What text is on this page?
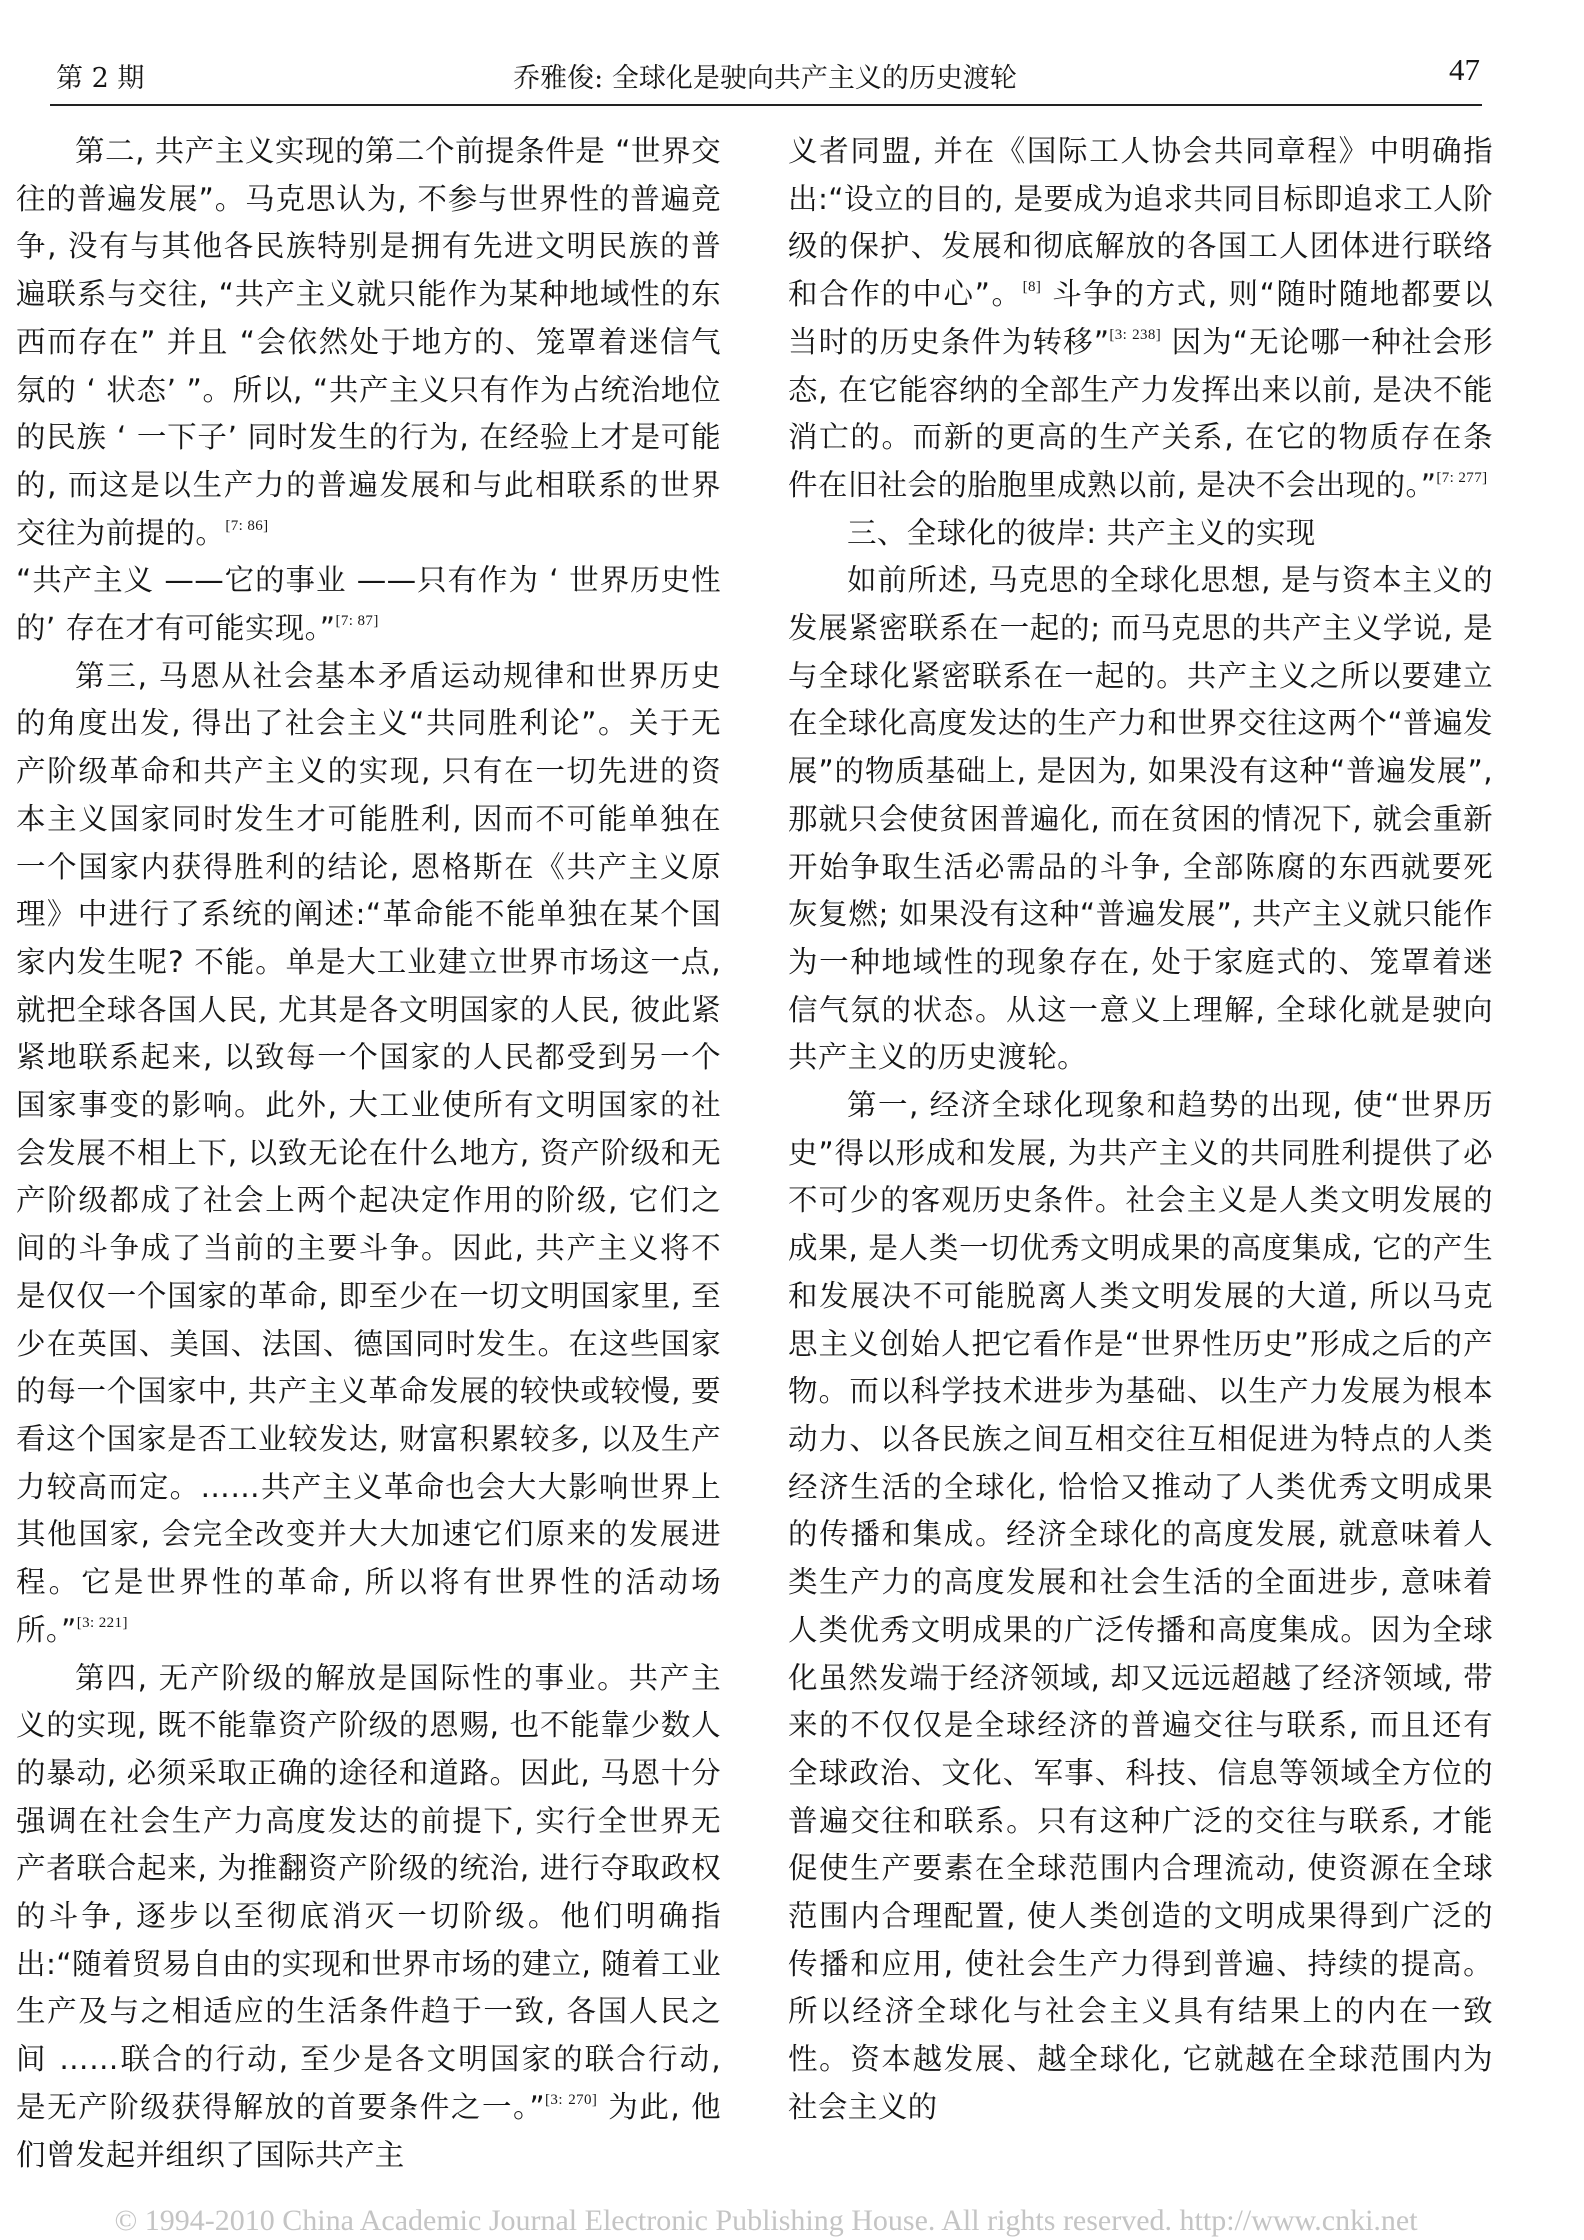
第 2 期	乔雅俊: 全球化是驶向共产主义的历史渡轮	47

第二, 共产主义实现的第二个前提条件是 “世界交往的普遍发展”。马克思认为, 不参与世界性的普遍竞争, 没有与其他各民族特别是拥有先进文明民族的普遍联系与交往, “共产主义就只能作为某种地域性的东西而存在” 并且 “会依然处于地方的、笼罩着迷信气氛的 ‘ 状态’ ”。所以, “共产主义只有作为占统治地位的民族 ‘ 一下子’ 同时发生的行为, 在经验上才是可能的, 而这是以生产力的普遍发展和与此相联系的世界交往为前提的。[7: 86]

“共产主义 ——它的事业 ——只有作为 ‘ 世界历史性的’ 存在才有可能实现。”[7: 87]

第三, 马恩从社会基本矛盾运动规律和世界历史的角度出发, 得出了社会主义“共同胜利论”。关于无产阶级革命和共产主义的实现, 只有在一切先进的资本主义国家同时发生才可能胜利, 因而不可能单独在一个国家内获得胜利的结论, 恩格斯在《共产主义原理》中进行了系统的阐述:“革命能不能单独在某个国家内发生呢? 不能。单是大工业建立世界市场这一点, 就把全球各国人民, 尤其是各文明国家的人民, 彼此紧紧地联系起来, 以致每一个国家的人民都受到另一个国家事变的影响。此外, 大工业使所有文明国家的社会发展不相上下, 以致无论在什么地方, 资产阶级和无产阶级都成了社会上两个起决定作用的阶级, 它们之间的斗争成了当前的主要斗争。因此, 共产主义将不是仅仅一个国家的革命, 即至少在一切文明国家里, 至少在英国、美国、法国、德国同时发生。在这些国家的每一个国家中, 共产主义革命发展的较快或较慢, 要看这个国家是否工业较发达, 财富积累较多, 以及生产力较高而定。……共产主义革命也会大大影响世界上其他国家, 会完全改变并大大加速它们原来的发展进程。它是世界性的革命, 所以将有世界性的活动场所。”[3: 221]

第四, 无产阶级的解放是国际性的事业。共产主义的实现, 既不能靠资产阶级的恩赐, 也不能靠少数人的暴动, 必须采取正确的途径和道路。因此, 马恩十分强调在社会生产力高度发达的前提下, 实行全世界无产者联合起来, 为推翻资产阶级的统治, 进行夺取政权的斗争, 逐步以至彻底消灭一切阶级。他们明确指出:“随着贸易自由的实现和世界市场的建立, 随着工业生产及与之相适应的生活条件趋于一致, 各国人民之间 ……联合的行动, 至少是各文明国家的联合行动, 是无产阶级获得解放的首要条件之一。”[3: 270] 为此, 他们曾发起并组织了国际共产主

义者同盟, 并在《国际工人协会共同章程》中明确指出:“设立的目的, 是要成为追求共同目标即追求工人阶级的保护、发展和彻底解放的各国工人团体进行联络和合作的中心”。[8] 斗争的方式, 则“随时随地都要以当时的历史条件为转移”[3: 238] 因为“无论哪一种社会形态, 在它能容纳的全部生产力发挥出来以前, 是决不能消亡的。而新的更高的生产关系, 在它的物质存在条件在旧社会的胎胞里成熟以前, 是决不会出现的。”[7: 277]

三、全球化的彼岸: 共产主义的实现

如前所述, 马克思的全球化思想, 是与资本主义的发展紧密联系在一起的; 而马克思的共产主义学说, 是与全球化紧密联系在一起的。共产主义之所以要建立在全球化高度发达的生产力和世界交往这两个“普遍发展”的物质基础上, 是因为, 如果没有这种“普遍发展”, 那就只会使贫困普遍化, 而在贫困的情况下, 就会重新开始争取生活必需品的斗争, 全部陈腐的东西就要死灰复燃; 如果没有这种“普遍发展”, 共产主义就只能作为一种地域性的现象存在, 处于家庭式的、笼罩着迷信气氛的状态。从这一意义上理解, 全球化就是驶向共产主义的历史渡轮。

第一, 经济全球化现象和趋势的出现, 使“世界历史”得以形成和发展, 为共产主义的共同胜利提供了必不可少的客观历史条件。社会主义是人类文明发展的成果, 是人类一切优秀文明成果的高度集成, 它的产生和发展决不可能脱离人类文明发展的大道, 所以马克思主义创始人把它看作是“世界性历史”形成之后的产物。而以科学技术进步为基础、以生产力发展为根本动力、以各民族之间互相交往互相促进为特点的人类经济生活的全球化, 恰恰又推动了人类优秀文明成果的传播和集成。经济全球化的高度发展, 就意味着人类生产力的高度发展和社会生活的全面进步, 意味着人类优秀文明成果的广泛传播和高度集成。因为全球化虽然发端于经济领域, 却又远远超越了经济领域, 带来的不仅仅是全球经济的普遍交往与联系, 而且还有全球政治、文化、军事、科技、信息等领域全方位的普遍交往和联系。只有这种广泛的交往与联系, 才能促使生产要素在全球范围内合理流动, 使资源在全球范围内合理配置, 使人类创造的文明成果得到广泛的传播和应用, 使社会生产力得到普遍、持续的提高。所以经济全球化与社会主义具有结果上的内在一致性。资本越发展、越全球化, 它就越在全球范围内为社会主义的

© 1994-2010 China Academic Journal Electronic Publishing House. All rights reserved. http://www.cnki.net
